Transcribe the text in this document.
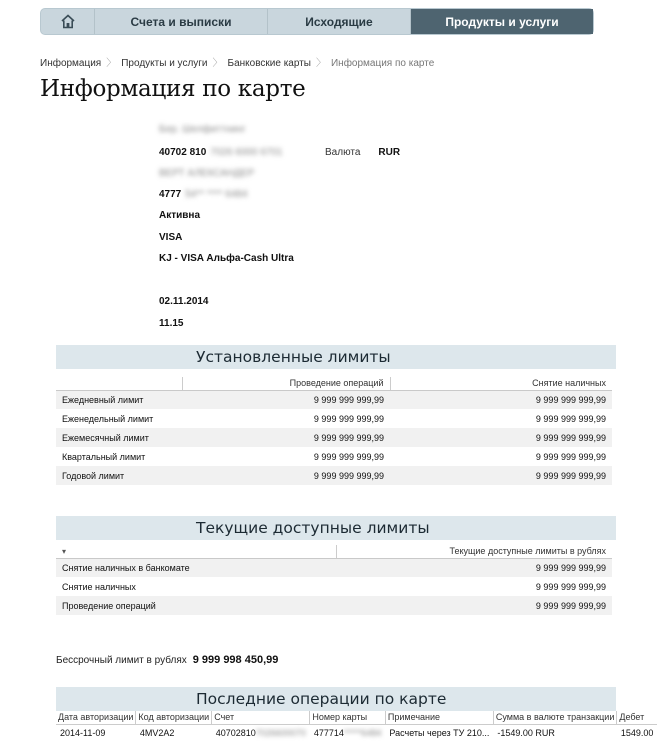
Счета и выписки	Исходящие	Продукты и услуги
Информация 〉 Продукты и услуги 〉 Банковские карты 〉 Информация по карте
Информация по карте
Бер. Шелфиттнинг
40702 810 7026 6000 6701	Валюта RUR
ВЕРТ АЛЕКСАНДЕР
4777 54** **** 6484
Активна
VISA
KJ - VISA Альфа-Cash Ultra
02.11.2014
11.15
Установленные лимиты
	Проведение операций	Снятие наличных
Ежедневный лимит	9 999 999 999,99	9 999 999 999,99
Еженедельный лимит	9 999 999 999,99	9 999 999 999,99
Ежемесячный лимит	9 999 999 999,99	9 999 999 999,99
Квартальный лимит	9 999 999 999,99	9 999 999 999,99
Годовой лимит	9 999 999 999,99	9 999 999 999,99
Текущие доступные лимиты
▾	Текущие доступные лимиты в рублях
Снятие наличных в банкомате	9 999 999 999,99
Снятие наличных	9 999 999 999,99
Проведение операций	9 999 999 999,99
Бессрочный лимит в рублях 9 999 998 450,99
Последние операции по карте
Дата авторизации	Код авторизации	Счет	Номер карты	Примечание	Сумма в валюте транзакции	Дебет
2014-11-09	4MV2A2	407028107026600070	477714*****6484	Расчеты через ТУ 210...	-1549.00 RUR	1549.00
